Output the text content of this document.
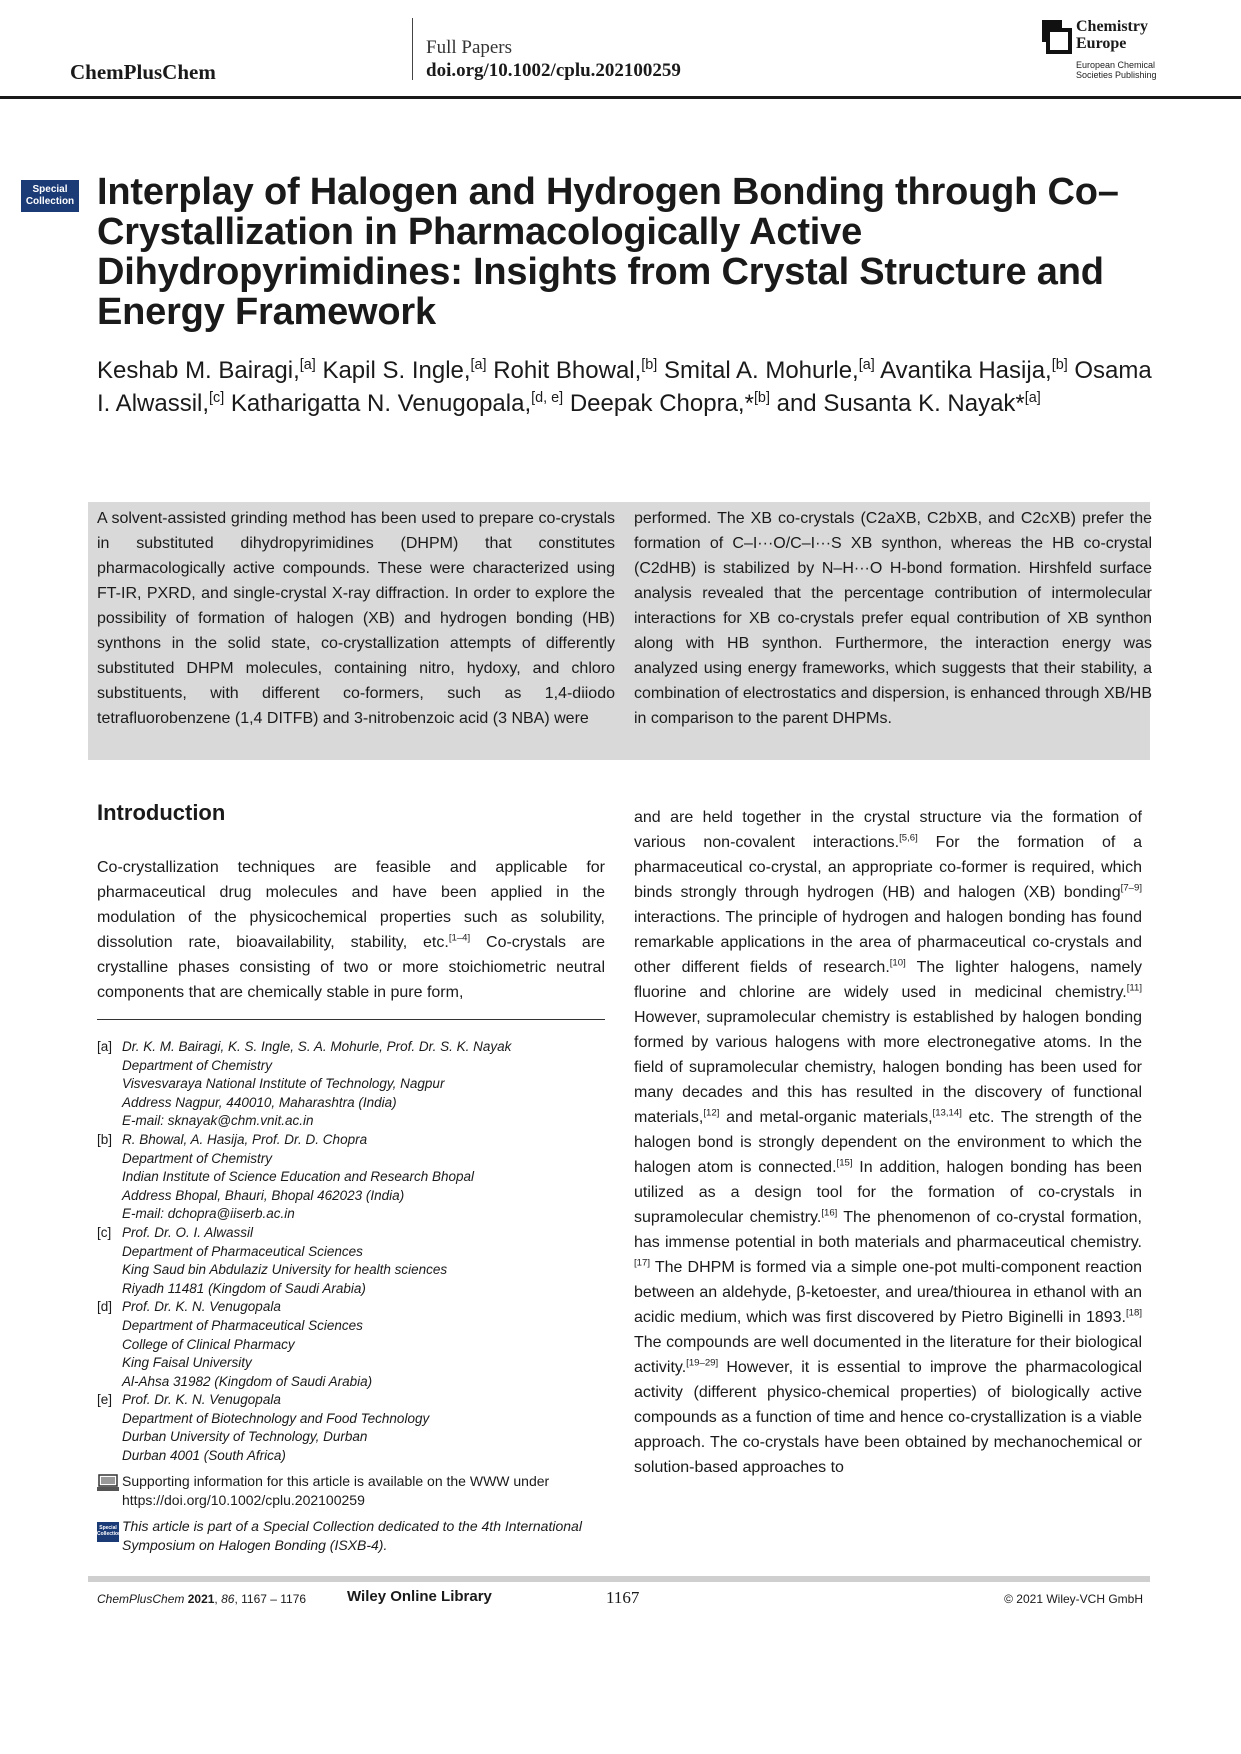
ChemPlusChem
Full Papers
doi.org/10.1002/cplu.202100259
Chemistry
Europe
European Chemical
Societies Publishing
Special
Collection Interplay of Halogen and Hydrogen Bonding through Co–Crystallization in Pharmacologically Active Dihydropyrimidines: Insights from Crystal Structure and Energy Framework
Keshab M. Bairagi,[a] Kapil S. Ingle,[a] Rohit Bhowal,[b] Smital A. Mohurle,[a] Avantika Hasija,[b] Osama I. Alwassil,[c] Katharigatta N. Venugopala,[d, e] Deepak Chopra,*[b] and Susanta K. Nayak*[a]
A solvent-assisted grinding method has been used to prepare co-crystals in substituted dihydropyrimidines (DHPM) that constitutes pharmacologically active compounds. These were characterized using FT-IR, PXRD, and single-crystal X-ray diffraction. In order to explore the possibility of formation of halogen (XB) and hydrogen bonding (HB) synthons in the solid state, co-crystallization attempts of differently substituted DHPM molecules, containing nitro, hydoxy, and chloro substituents, with different co-formers, such as 1,4-diiodo tetrafluorobenzene (1,4 DITFB) and 3-nitrobenzoic acid (3 NBA) were
performed. The XB co-crystals (C2aXB, C2bXB, and C2cXB) prefer the formation of C–I···O/C–I···S XB synthon, whereas the HB co-crystal (C2dHB) is stabilized by N–H···O H-bond formation. Hirshfeld surface analysis revealed that the percentage contribution of intermolecular interactions for XB co-crystals prefer equal contribution of XB synthon along with HB synthon. Furthermore, the interaction energy was analyzed using energy frameworks, which suggests that their stability, a combination of electrostatics and dispersion, is enhanced through XB/HB in comparison to the parent DHPMs.
Introduction
Co-crystallization techniques are feasible and applicable for pharmaceutical drug molecules and have been applied in the modulation of the physicochemical properties such as solubility, dissolution rate, bioavailability, stability, etc.[1–4] Co-crystals are crystalline phases consisting of two or more stoichiometric neutral components that are chemically stable in pure form,
and are held together in the crystal structure via the formation of various non-covalent interactions.[5,6] For the formation of a pharmaceutical co-crystal, an appropriate co-former is required, which binds strongly through hydrogen (HB) and halogen (XB) bonding[7–9] interactions. The principle of hydrogen and halogen bonding has found remarkable applications in the area of pharmaceutical co-crystals and other different fields of research.[10] The lighter halogens, namely fluorine and chlorine are widely used in medicinal chemistry.[11] However, supramolecular chemistry is established by halogen bonding formed by various halogens with more electronegative atoms. In the field of supramolecular chemistry, halogen bonding has been used for many decades and this has resulted in the discovery of functional materials,[12] and metal-organic materials,[13,14] etc. The strength of the halogen bond is strongly dependent on the environment to which the halogen atom is connected.[15] In addition, halogen bonding has been utilized as a design tool for the formation of co-crystals in supramolecular chemistry.[16] The phenomenon of co-crystal formation, has immense potential in both materials and pharmaceutical chemistry.[17] The DHPM is formed via a simple one-pot multi-component reaction between an aldehyde, β-ketoester, and urea/thiourea in ethanol with an acidic medium, which was first discovered by Pietro Biginelli in 1893.[18] The compounds are well documented in the literature for their biological activity.[19–29] However, it is essential to improve the pharmacological activity (different physico-chemical properties) of biologically active compounds as a function of time and hence co-crystallization is a viable approach. The co-crystals have been obtained by mechanochemical or solution-based approaches to
[a] Dr. K. M. Bairagi, K. S. Ingle, S. A. Mohurle, Prof. Dr. S. K. Nayak
Department of Chemistry
Visvesvaraya National Institute of Technology, Nagpur
Address Nagpur, 440010, Maharashtra (India)
E-mail: sknayak@chm.vnit.ac.in
[b] R. Bhowal, A. Hasija, Prof. Dr. D. Chopra
Department of Chemistry
Indian Institute of Science Education and Research Bhopal
Address Bhopal, Bhauri, Bhopal 462023 (India)
E-mail: dchopra@iiserb.ac.in
[c] Prof. Dr. O. I. Alwassil
Department of Pharmaceutical Sciences
King Saud bin Abdulaziz University for health sciences
Riyadh 11481 (Kingdom of Saudi Arabia)
[d] Prof. Dr. K. N. Venugopala
Department of Pharmaceutical Sciences
College of Clinical Pharmacy
King Faisal University
Al-Ahsa 31982 (Kingdom of Saudi Arabia)
[e] Prof. Dr. K. N. Venugopala
Department of Biotechnology and Food Technology
Durban University of Technology, Durban
Durban 4001 (South Africa)
Supporting information for this article is available on the WWW under https://doi.org/10.1002/cplu.202100259
Special
Collection This article is part of a Special Collection dedicated to the 4th International Symposium on Halogen Bonding (ISXB-4).
ChemPlusChem 2021, 86, 1167 – 1176	Wiley Online Library	1167	© 2021 Wiley-VCH GmbH
